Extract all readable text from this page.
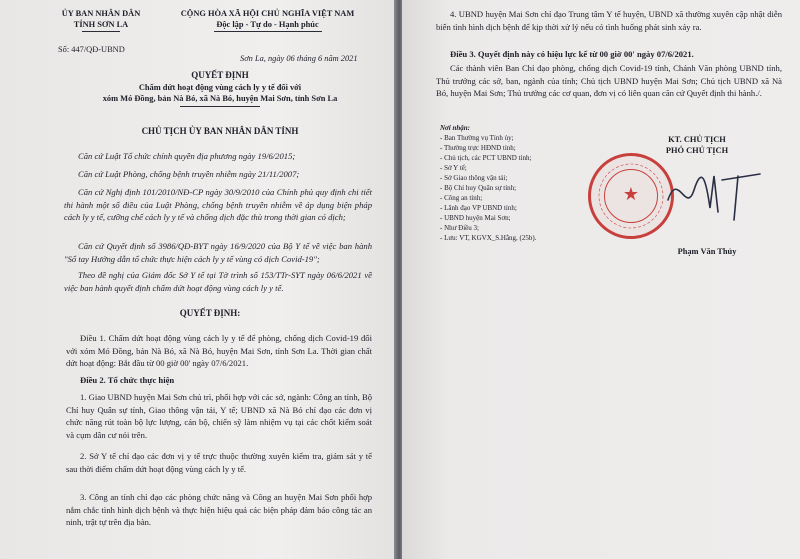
ỦY BAN NHÂN DÂN
TỈNH SƠN LA
Số: 447/QĐ-UBND
CỘNG HÒA XÃ HỘI CHỦ NGHĨA VIỆT NAM
Độc lập - Tự do - Hạnh phúc
Sơn La, ngày 06 tháng 6 năm 2021
QUYẾT ĐỊNH
Chấm dứt hoạt động vùng cách ly y tế đối với
xóm Mó Đồng, bản Nà Bó, xã Nà Bó, huyện Mai Sơn, tỉnh Sơn La
CHỦ TỊCH ỦY BAN NHÂN DÂN TỈNH
Căn cứ Luật Tổ chức chính quyền địa phương ngày 19/6/2015;
Căn cứ Luật Phòng, chống bệnh truyền nhiễm ngày 21/11/2007;
Căn cứ Nghị định 101/2010/NĐ-CP ngày 30/9/2010 của Chính phủ quy định chi tiết thi hành một số điều của Luật Phòng, chống bệnh truyền nhiễm về áp dụng biện pháp cách ly y tế, cưỡng chế cách ly y tế và chống dịch đặc thù trong thời gian có dịch;
Căn cứ Quyết định số 3986/QĐ-BYT ngày 16/9/2020 của Bộ Y tế về việc ban hành "Sổ tay Hướng dẫn tổ chức thực hiện cách ly y tế vùng có dịch Covid-19";
Theo đề nghị của Giám đốc Sở Y tế tại Tờ trình số 153/TTr-SYT ngày 06/6/2021 về việc ban hành quyết định chấm dứt hoạt động vùng cách ly y tế.
QUYẾT ĐỊNH:
Điều 1. Chấm dứt hoạt động vùng cách ly y tế để phòng, chống dịch Covid-19 đối với xóm Mó Đồng, bản Nà Bó, xã Nà Bó, huyện Mai Sơn, tỉnh Sơn La. Thời gian chất dứt hoạt động: Bắt đầu từ 00 giờ 00' ngày 07/6/2021.
Điều 2. Tổ chức thực hiện
1. Giao UBND huyện Mai Sơn chủ trì, phối hợp với các sở, ngành: Công an tỉnh, Bộ Chỉ huy Quân sự tỉnh, Giao thông vận tải, Y tế; UBND xã Nà Bó chỉ đạo các đơn vị chức năng rút toàn bộ lực lượng, cán bộ, chiến sỹ làm nhiệm vụ tại các chốt kiểm soát và cụm dân cư nói trên.
2. Sở Y tế chỉ đạo các đơn vị y tế trực thuộc thường xuyên kiểm tra, giám sát y tế sau thời điểm chấm dứt hoạt động vùng cách ly y tế.
3. Công an tỉnh chỉ đạo các phòng chức năng và Công an huyện Mai Sơn phối hợp nắm chắc tình hình dịch bệnh và thực hiện hiệu quả các biện pháp đảm bảo công tác an ninh, trật tự trên địa bàn.
4. UBND huyện Mai Sơn chỉ đạo Trung tâm Y tế huyện, UBND xã thường xuyên cập nhật diễn biến tình hình dịch bệnh để kịp thời xử lý nếu có tình huống phát sinh xảy ra.
Điều 3. Quyết định này có hiệu lực kể từ 00 giờ 00' ngày 07/6/2021.
Các thành viên Ban Chỉ đạo phòng, chống dịch Covid-19 tỉnh, Chánh Văn phòng UBND tỉnh, Thủ trưởng các sở, ban, ngành của tỉnh; Chủ tịch UBND huyện Mai Sơn; Chủ tịch UBND xã Nà Bó, huyện Mai Sơn; Thủ trưởng các cơ quan, đơn vị có liên quan căn cứ Quyết định thi hành./.
Nơi nhận:
- Ban Thường vụ Tỉnh ủy;
- Thường trực HĐND tỉnh;
- Chủ tịch, các PCT UBND tỉnh;
- Sở Y tế;
- Sở Giao thông vận tải;
- Bộ Chỉ huy Quân sự tỉnh;
- Công an tỉnh;
- Lãnh đạo VP UBND tỉnh;
- UBND huyện Mai Sơn;
- Như Điều 3;
- Lưu: VT, KGVX_S.Hằng, (25b).
KT. CHỦ TỊCH
PHÓ CHỦ TỊCH
Phạm Văn Thủy
★
